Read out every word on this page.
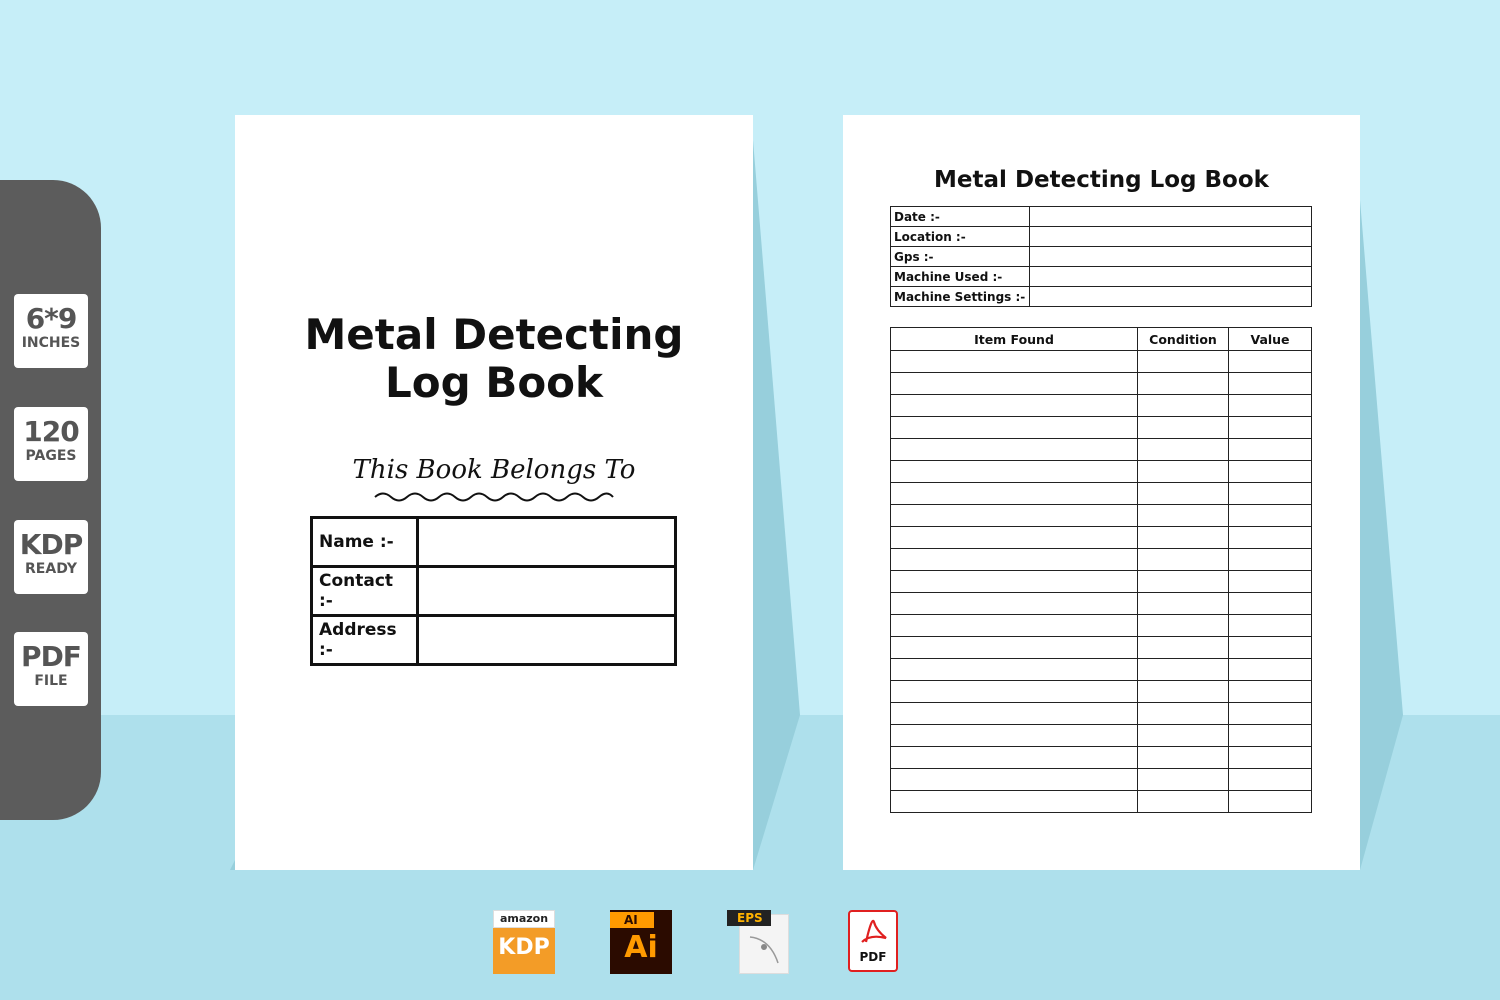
6*9
INCHES
120
PAGES
KDP
READY
PDF
FILE
Metal Detecting
Log Book
This Book Belongs To
Name :-	
Contact :-	
Address :-	
Metal Detecting Log Book
Date :-	
Location :-	
Gps :-	
Machine Used :-	
Machine Settings :-	
Item Found	Condition	Value

amazon
KDP
AI
Ai
EPS
PDF
